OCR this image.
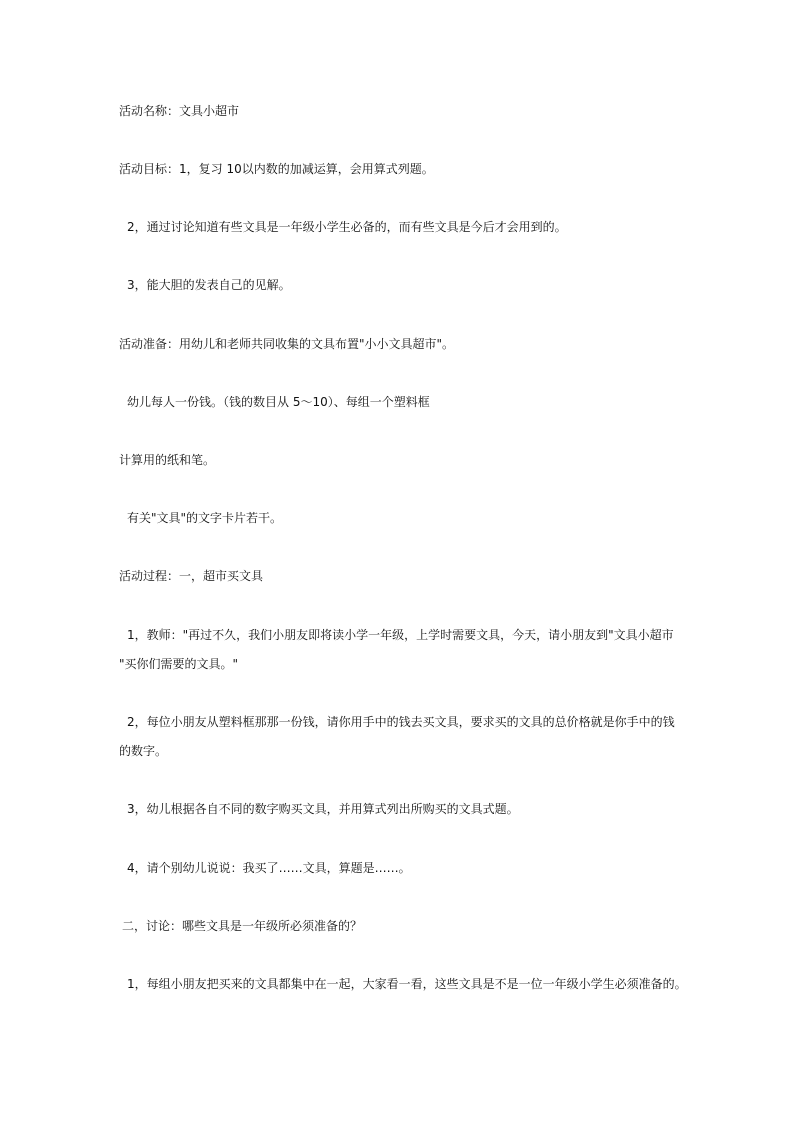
活动名称：文具小超市
活动目标：1，复习 10以内数的加减运算，会用算式列题。
2，通过讨论知道有些文具是一年级小学生必备的，而有些文具是今后才会用到的。
3，能大胆的发表自己的见解。
活动准备：用幼儿和老师共同收集的文具布置"小小文具超市"。
幼儿每人一份钱。（钱的数目从 5～10）、每组一个塑料框
计算用的纸和笔。
有关"文具"的文字卡片若干。
活动过程：一，超市买文具
1，教师："再过不久，我们小朋友即将读小学一年级，上学时需要文具，今天，请小朋友到"文具小超市
"买你们需要的文具。"
2，每位小朋友从塑料框那那一份钱，请你用手中的钱去买文具，要求买的文具的总价格就是你手中的钱
的数字。
3，幼儿根据各自不同的数字购买文具，并用算式列出所购买的文具式题。
4，请个别幼儿说说：我买了……文具，算题是……。
二，讨论：哪些文具是一年级所必须准备的？
1，每组小朋友把买来的文具都集中在一起，大家看一看，这些文具是不是一位一年级小学生必须准备的。
